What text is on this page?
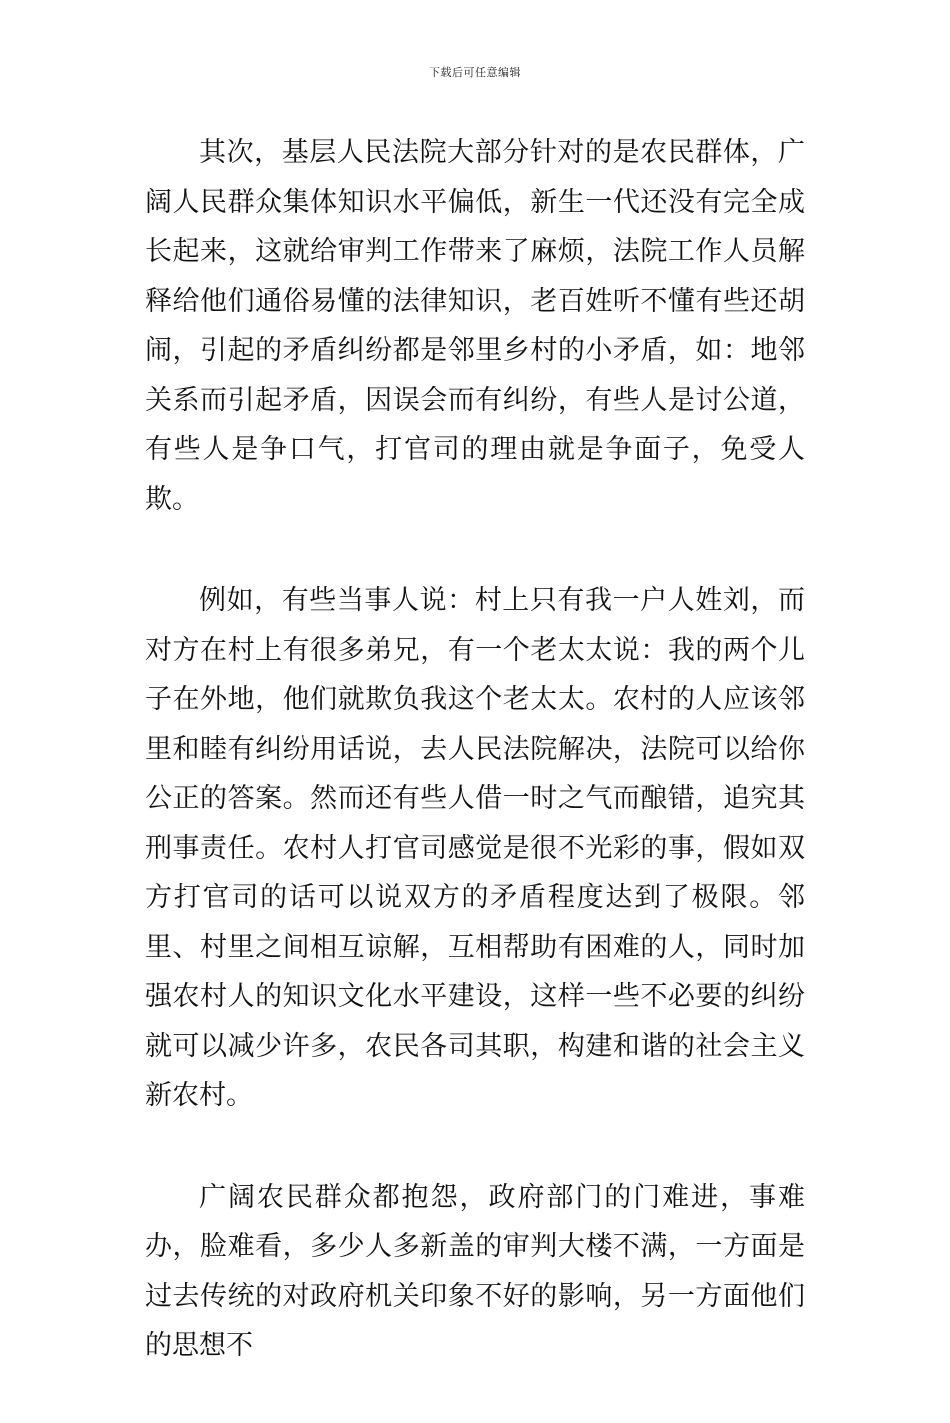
下载后可任意编辑

其次，基层人民法院大部分针对的是农民群体，广阔人民群众集体知识水平偏低，新生一代还没有完全成长起来，这就给审判工作带来了麻烦，法院工作人员解释给他们通俗易懂的法律知识，老百姓听不懂有些还胡闹，引起的矛盾纠纷都是邻里乡村的小矛盾，如：地邻关系而引起矛盾，因误会而有纠纷，有些人是讨公道，有些人是争口气，打官司的理由就是争面子，免受人欺。

例如，有些当事人说：村上只有我一户人姓刘，而对方在村上有很多弟兄，有一个老太太说：我的两个儿子在外地，他们就欺负我这个老太太。农村的人应该邻里和睦有纠纷用话说，去人民法院解决，法院可以给你公正的答案。然而还有些人借一时之气而酿错，追究其刑事责任。农村人打官司感觉是很不光彩的事，假如双方打官司的话可以说双方的矛盾程度达到了极限。邻里、村里之间相互谅解，互相帮助有困难的人，同时加强农村人的知识文化水平建设，这样一些不必要的纠纷就可以减少许多，农民各司其职，构建和谐的社会主义新农村。

广阔农民群众都抱怨，政府部门的门难进，事难办，脸难看，多少人多新盖的审判大楼不满，一方面是过去传统的对政府机关印象不好的影响，另一方面他们的思想不
